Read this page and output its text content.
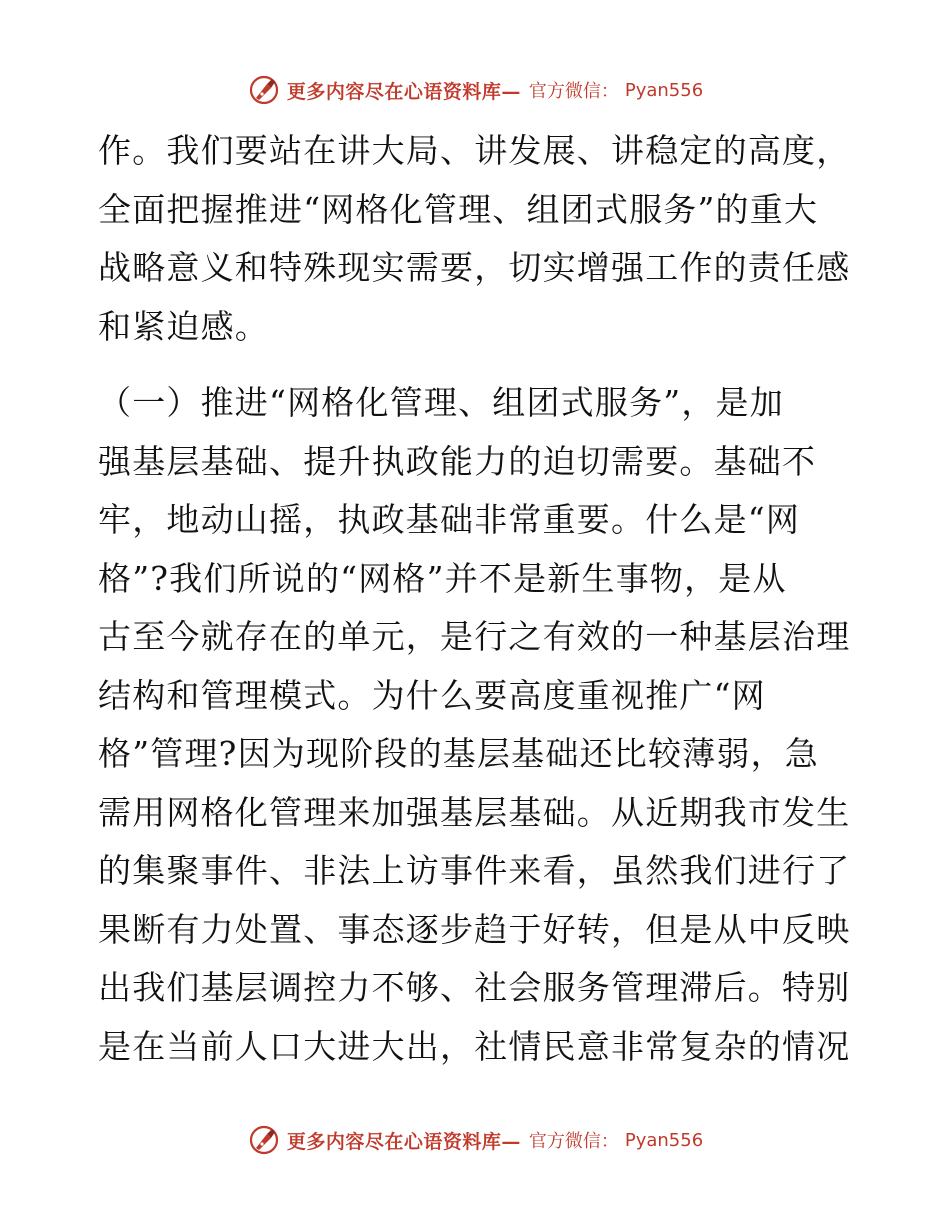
更多内容尽在心语资料库— 官方微信： Pyan556

作。我们要站在讲大局、讲发展、讲稳定的高度，
全面把握推进“网格化管理、组团式服务”的重大
战略意义和特殊现实需要，切实增强工作的责任感
和紧迫感。

（一）推进“网格化管理、组团式服务”，是加
强基层基础、提升执政能力的迫切需要。基础不
牢，地动山摇，执政基础非常重要。什么是“网
格”?我们所说的“网格”并不是新生事物，是从
古至今就存在的单元，是行之有效的一种基层治理
结构和管理模式。为什么要高度重视推广“网
格”管理?因为现阶段的基层基础还比较薄弱，急
需用网格化管理来加强基层基础。从近期我市发生
的集聚事件、非法上访事件来看，虽然我们进行了
果断有力处置、事态逐步趋于好转，但是从中反映
出我们基层调控力不够、社会服务管理滞后。特别
是在当前人口大进大出，社情民意非常复杂的情况

更多内容尽在心语资料库— 官方微信： Pyan556
